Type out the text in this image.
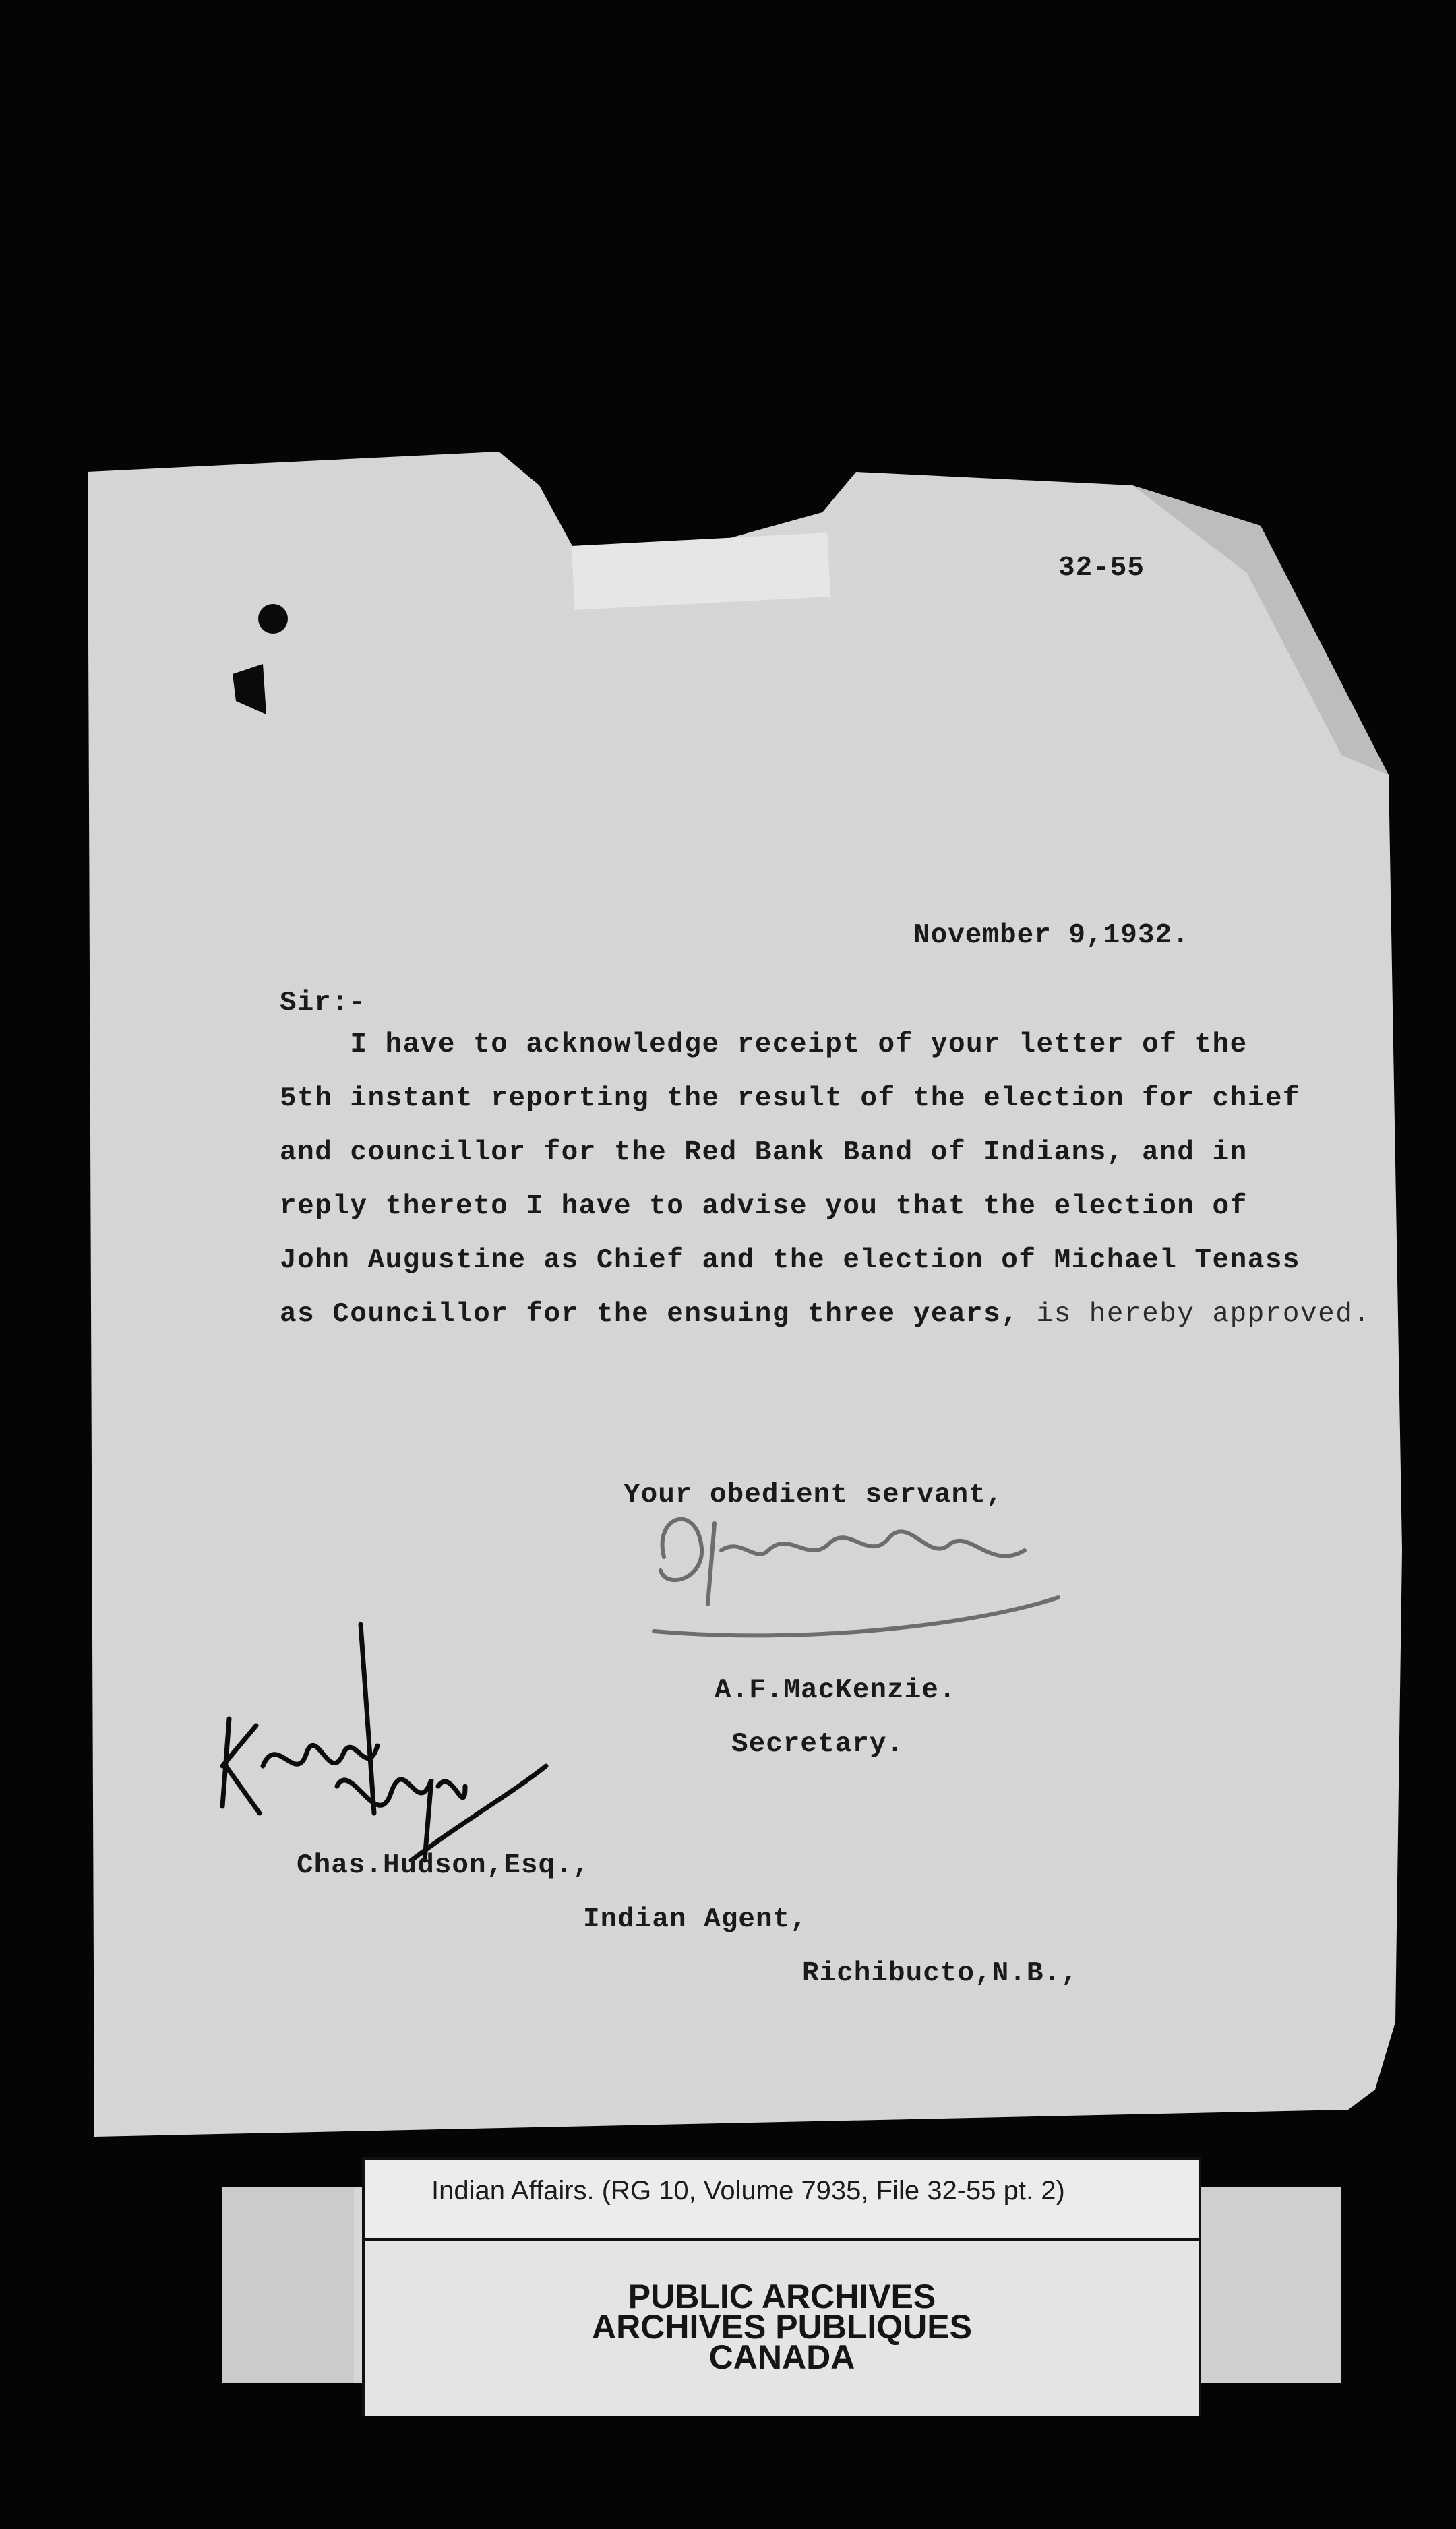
32-55
November 9,1932.
Sir:-
I have to acknowledge receipt of your letter of the
5th instant reporting the result of the election for chief
and councillor for the Red Bank Band of Indians, and in
reply thereto I have to advise you that the election of
John Augustine as Chief and the election of Michael Tenass
as Councillor for the ensuing three years, is hereby approved.
Your obedient servant,
A.F.MacKenzie.
Secretary.
Chas.Hudson,Esq.,
Indian Agent,
Richibucto,N.B.,
Indian Affairs. (RG 10, Volume 7935, File 32-55 pt. 2)
PUBLIC ARCHIVES
ARCHIVES PUBLIQUES
CANADA
